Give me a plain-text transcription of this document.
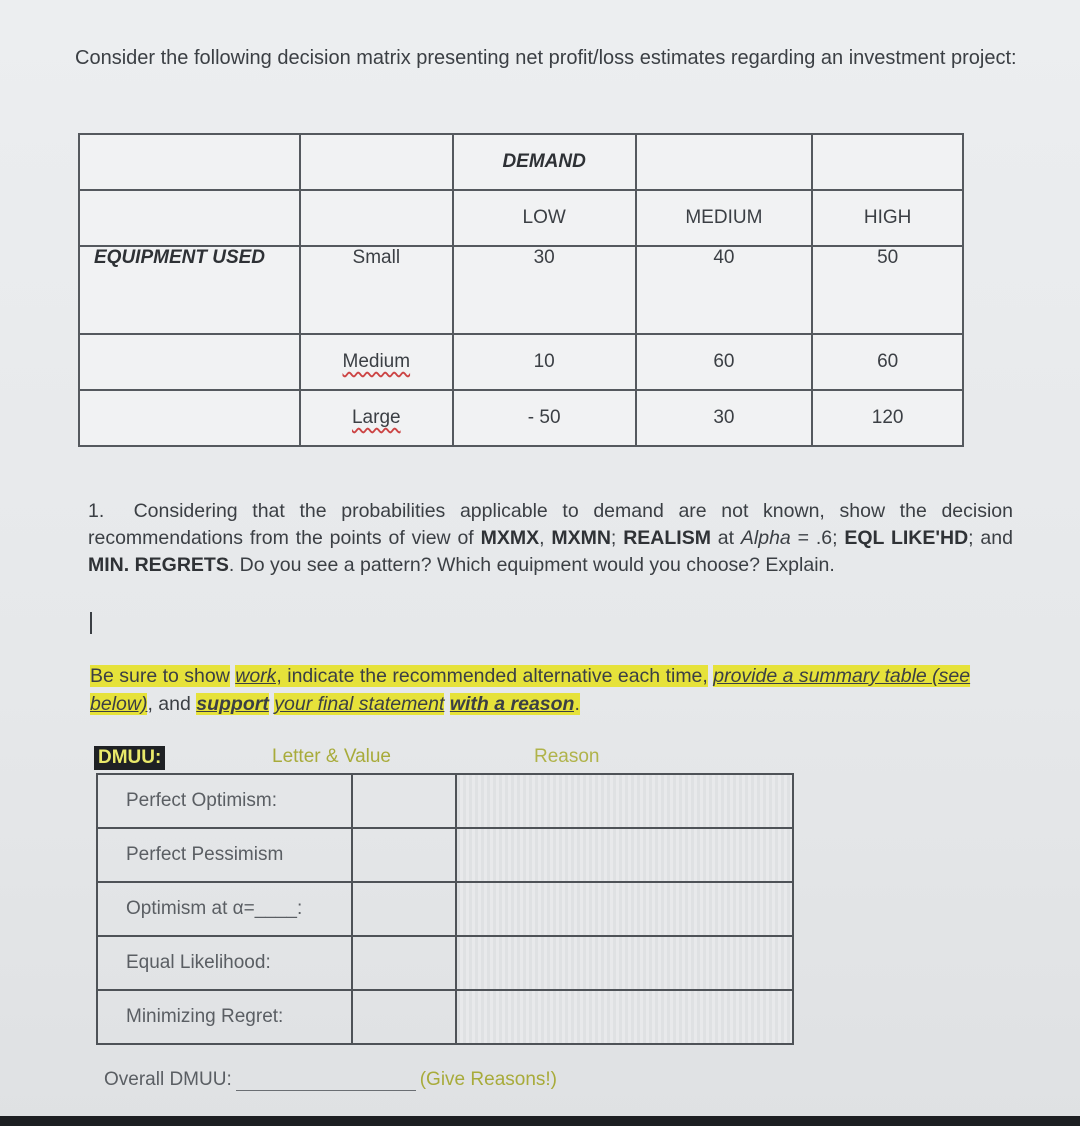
Consider the following decision matrix presenting net profit/loss estimates regarding an investment project:
		DEMAND		
		LOW	MEDIUM	HIGH
EQUIPMENT USED	Small	30	40	50
	Medium	10	60	60
	Large	- 50	30	120
1. Considering that the probabilities applicable to demand are not known, show the decision recommendations from the points of view of MXMX, MXMN; REALISM at Alpha = .6; EQL LIKE'HD; and MIN. REGRETS. Do you see a pattern? Which equipment would you choose? Explain.
Be sure to show work, indicate the recommended alternative each time, provide a summary table (see below), and support your final statement with a reason.
DMUU:	Letter & Value	Reason
Perfect Optimism:		
Perfect Pessimism		
Optimism at α=____:		
Equal Likelihood:		
Minimizing Regret:		
Overall DMUU:	(Give Reasons!)
